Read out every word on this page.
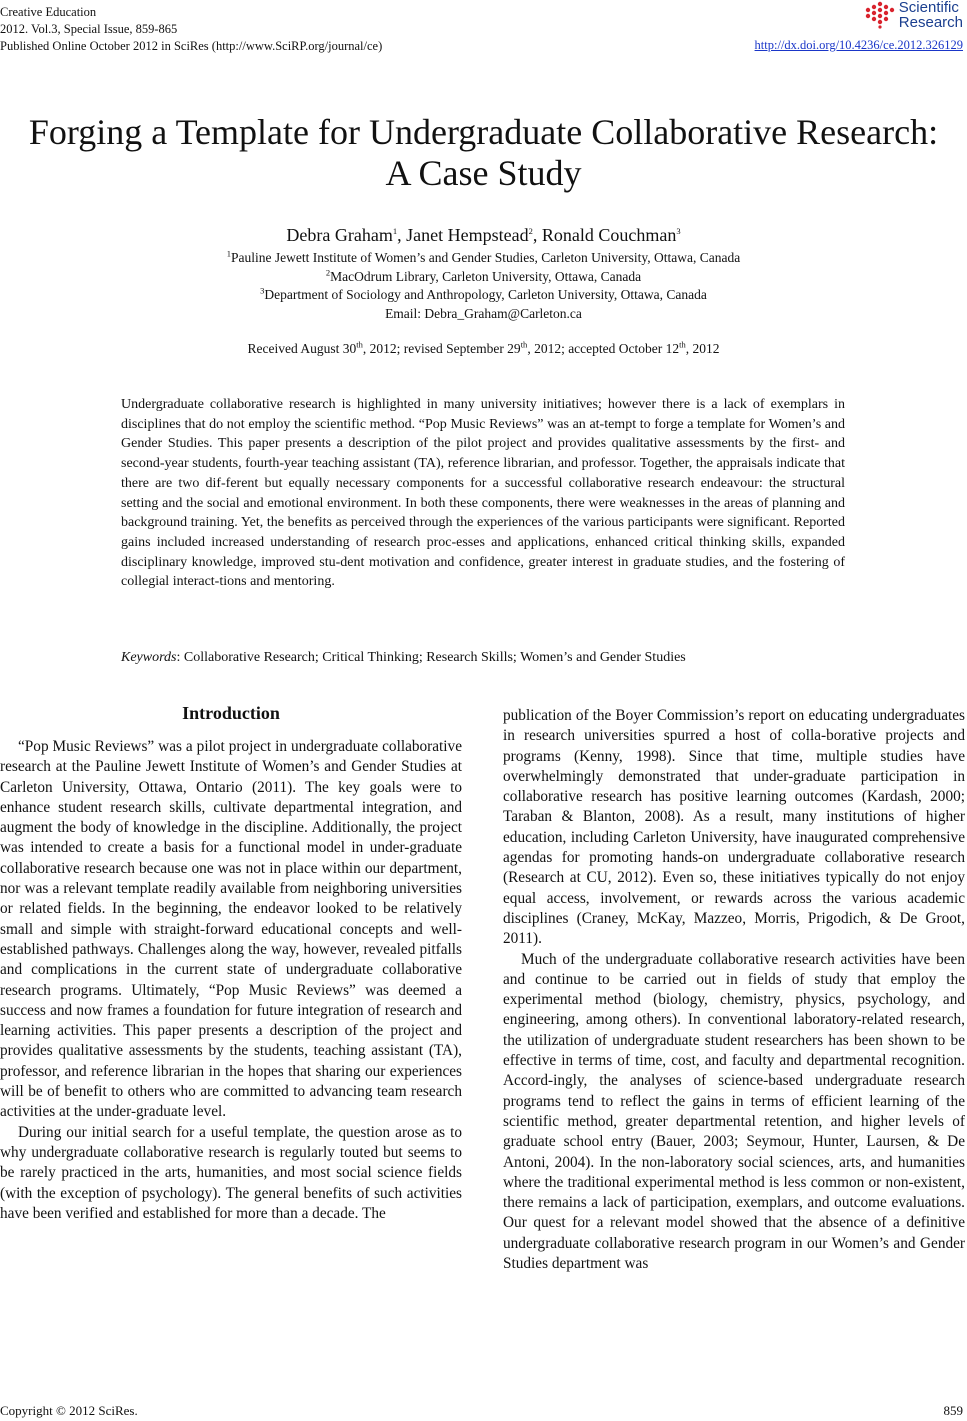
Creative Education
2012. Vol.3, Special Issue, 859-865
Published Online October 2012 in SciRes (http://www.SciRP.org/journal/ce)
Scientific
Research
http://dx.doi.org/10.4236/ce.2012.326129
Forging a Template for Undergraduate Collaborative Research:
A Case Study
Debra Graham$^1$, Janet Hempstead$^2$, Ronald Couchman$^3$
$^1$Pauline Jewett Institute of Women’s and Gender Studies, Carleton University, Ottawa, Canada
$^2$MacOdrum Library, Carleton University, Ottawa, Canada
$^3$Department of Sociology and Anthropology, Carleton University, Ottawa, Canada
Email: Debra_Graham@Carleton.ca
Received August 30th, 2012; revised September 29th, 2012; accepted October 12th, 2012
Undergraduate collaborative research is highlighted in many university initiatives; however there is a lack of exemplars in disciplines that do not employ the scientific method. “Pop Music Reviews” was an at-tempt to forge a template for Women’s and Gender Studies. This paper presents a description of the pilot project and provides qualitative assessments by the first- and second-year students, fourth-year teaching assistant (TA), reference librarian, and professor. Together, the appraisals indicate that there are two dif-ferent but equally necessary components for a successful collaborative research endeavour: the structural setting and the social and emotional environment. In both these components, there were weaknesses in the areas of planning and background training. Yet, the benefits as perceived through the experiences of the various participants were significant. Reported gains included increased understanding of research proc-esses and applications, enhanced critical thinking skills, expanded disciplinary knowledge, improved stu-dent motivation and confidence, greater interest in graduate studies, and the fostering of collegial interact-tions and mentoring.
Keywords: Collaborative Research; Critical Thinking; Research Skills; Women’s and Gender Studies
Introduction

“Pop Music Reviews” was a pilot project in undergraduate collaborative research at the Pauline Jewett Institute of Women’s and Gender Studies at Carleton University, Ottawa, Ontario (2011). The key goals were to enhance student research skills, cultivate departmental integration, and augment the body of knowledge in the discipline. Additionally, the project was intended to create a basis for a functional model in under-graduate collaborative research because one was not in place within our department, nor was a relevant template readily available from neighboring universities or related fields. In the beginning, the endeavor looked to be relatively small and simple with straight-forward educational concepts and well-established pathways. Challenges along the way, however, revealed pitfalls and complications in the current state of undergraduate collaborative research programs. Ultimately, “Pop Music Reviews” was deemed a success and now frames a foundation for future integration of research and learning activities. This paper presents a description of the project and provides qualitative assessments by the students, teaching assistant (TA), professor, and reference librarian in the hopes that sharing our experiences will be of benefit to others who are committed to advancing team research activities at the under-graduate level.

During our initial search for a useful template, the question arose as to why undergraduate collaborative research is regularly touted but seems to be rarely practiced in the arts, humanities, and most social science fields (with the exception of psychology). The general benefits of such activities have been verified and established for more than a decade. The

publication of the Boyer Commission’s report on educating undergraduates in research universities spurred a host of colla-borative projects and programs (Kenny, 1998). Since that time, multiple studies have overwhelmingly demonstrated that under-graduate participation in collaborative research has positive learning outcomes (Kardash, 2000; Taraban & Blanton, 2008). As a result, many institutions of higher education, including Carleton University, have inaugurated comprehensive agendas for promoting hands-on undergraduate collaborative research (Research at CU, 2012). Even so, these initiatives typically do not enjoy equal access, involvement, or rewards across the various academic disciplines (Craney, McKay, Mazzeo, Morris, Prigodich, & De Groot, 2011).

Much of the undergraduate collaborative research activities have been and continue to be carried out in fields of study that employ the experimental method (biology, chemistry, physics, psychology, and engineering, among others). In conventional laboratory-related research, the utilization of undergraduate student researchers has been shown to be effective in terms of time, cost, and faculty and departmental recognition. Accord-ingly, the analyses of science-based undergraduate research programs tend to reflect the gains in terms of efficient learning of the scientific method, greater departmental retention, and higher levels of graduate school entry (Bauer, 2003; Seymour, Hunter, Laursen, & De Antoni, 2004). In the non-laboratory social sciences, arts, and humanities where the traditional experimental method is less common or non-existent, there remains a lack of participation, exemplars, and outcome evaluations. Our quest for a relevant model showed that the absence of a definitive undergraduate collaborative research program in our Women’s and Gender Studies department was

Copyright © 2012 SciRes.	859
